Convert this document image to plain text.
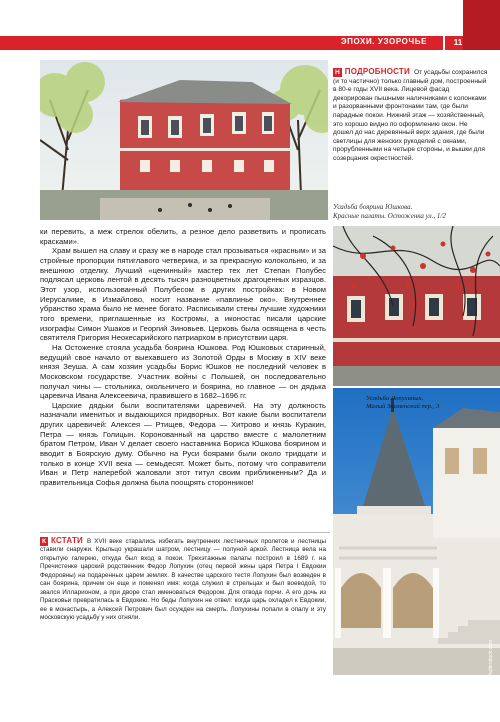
ЭПОХИ. УЗОРОЧЬЕ	11
Н ПОДРОБНОСТИ От усадьбы сохранился (и то частично) только главный дом, построенный в 80-е годы XVII века. Лицевой фасад декорирован пышными наличниками с колонками и разорванными фронтонами там, где были парадные покои. Нижний этаж — хозяйственный, это хорошо видно по оформлению окон. Не дошел до нас деревянный верх здания, где были светлицы для женских рукоделий с окнами, прорубленными на четыре стороны, и вышки для созерцания окрестностей.
Усадьба боярина Юшкова.
Красные палаты. Остоженка ул., 1/2
Усадьба Лопухиных.
Малый Знаменский пер., 3
© Ирина Костина/Shutterstock.com

ки перевить, а меж стрелок обелить, а резное дело разветвить и прописать красками».

Храм вышел на славу и сразу же в народе стал прозываться «красным» и за стройные пропорции пятиглавого четверика, и за прекрасную колокольню, и за внешнюю отделку. Лучший «ценинный» мастер тех лет Степан Полубес подлясал церковь лентой в десять тысяч разноцветных драгоценных изразцов. Этот узор, использованный Полубесом в других постройках: в Новом Иерусалиме, в Измайлово, носит название «павлинье око». Внутреннее убранство храма было не менее богато. Расписывали стены лучшие художники того времени, приглашенные из Костромы, а иконостас писали царские изографы Симон Ушаков и Георгий Зиновьев. Церковь была освящена в честь святителя Григория Неокесарийского патриархом в присутствии царя.

На Остоженке стояла усадьба боярина Юшкова. Род Юшковых старинный, ведущий свое начало от выехавшего из Золотой Орды в Москву в XIV веке князя Зеуша. А сам хозяин усадьбы Борис Юшков не последний человек в Московском государстве. Участник войны с Польшей, он последовательно получал чины — стольника, окольничего и боярина, но главное — он дядька царевича Ивана Алексеевича, правившего в 1682–1696 гг.

Царские дядьки были воспитателями царевичей. На эту должность назначали именитых и выдающихся придворных. Вот какие были воспитатели других царевичей: Алексея — Ртищев, Федора — Хитрово и князь Куракин, Петра — князь Голицын. Коронованный на царство вместе с малолетним братом Петром, Иван V делает своего наставника Бориса Юшкова боярином и вводит в Боярскую думу. Обычно на Руси боярами были около тридцати и только в конце XVII века — семьдесят. Может быть, потому что соправители Иван и Петр наперебой жаловали этот титул своим приближенным? Да и правительница Софья должна была поощрять сторонников!

К КСТАТИ В XVII веке старались избегать внутренних лестничных пролетов и лестницы ставили снаружи. Крыльцо украшали шатром, лестницу — полуной аркой. Лестница вела на открытую галерею, откуда был вход в покои. Трехэтажные палаты построил в 1689 г. на Пречистенке царский родственник Федор Лопухин (отец первой жены царя Петра I Евдокии Федоровны) на подаренных царем землях. В качестве царского тестя Лопухин был возведен в сан боярина, причем он еще и поменял имя: когда служил в стрельцах и был воеводой, то звался Илларионом, а при дворе стал именоваться Федором. Для отвода порчи. А его дочь из Прасковьи превратилась в Евдокию. Но беды Лопухин не отвел: когда царь охладел к Евдокии, ее в монастырь, а Алексей Петрович был осужден на смерть. Лопухины попали в опалу и эту московскую усадьбу у них отняли.
